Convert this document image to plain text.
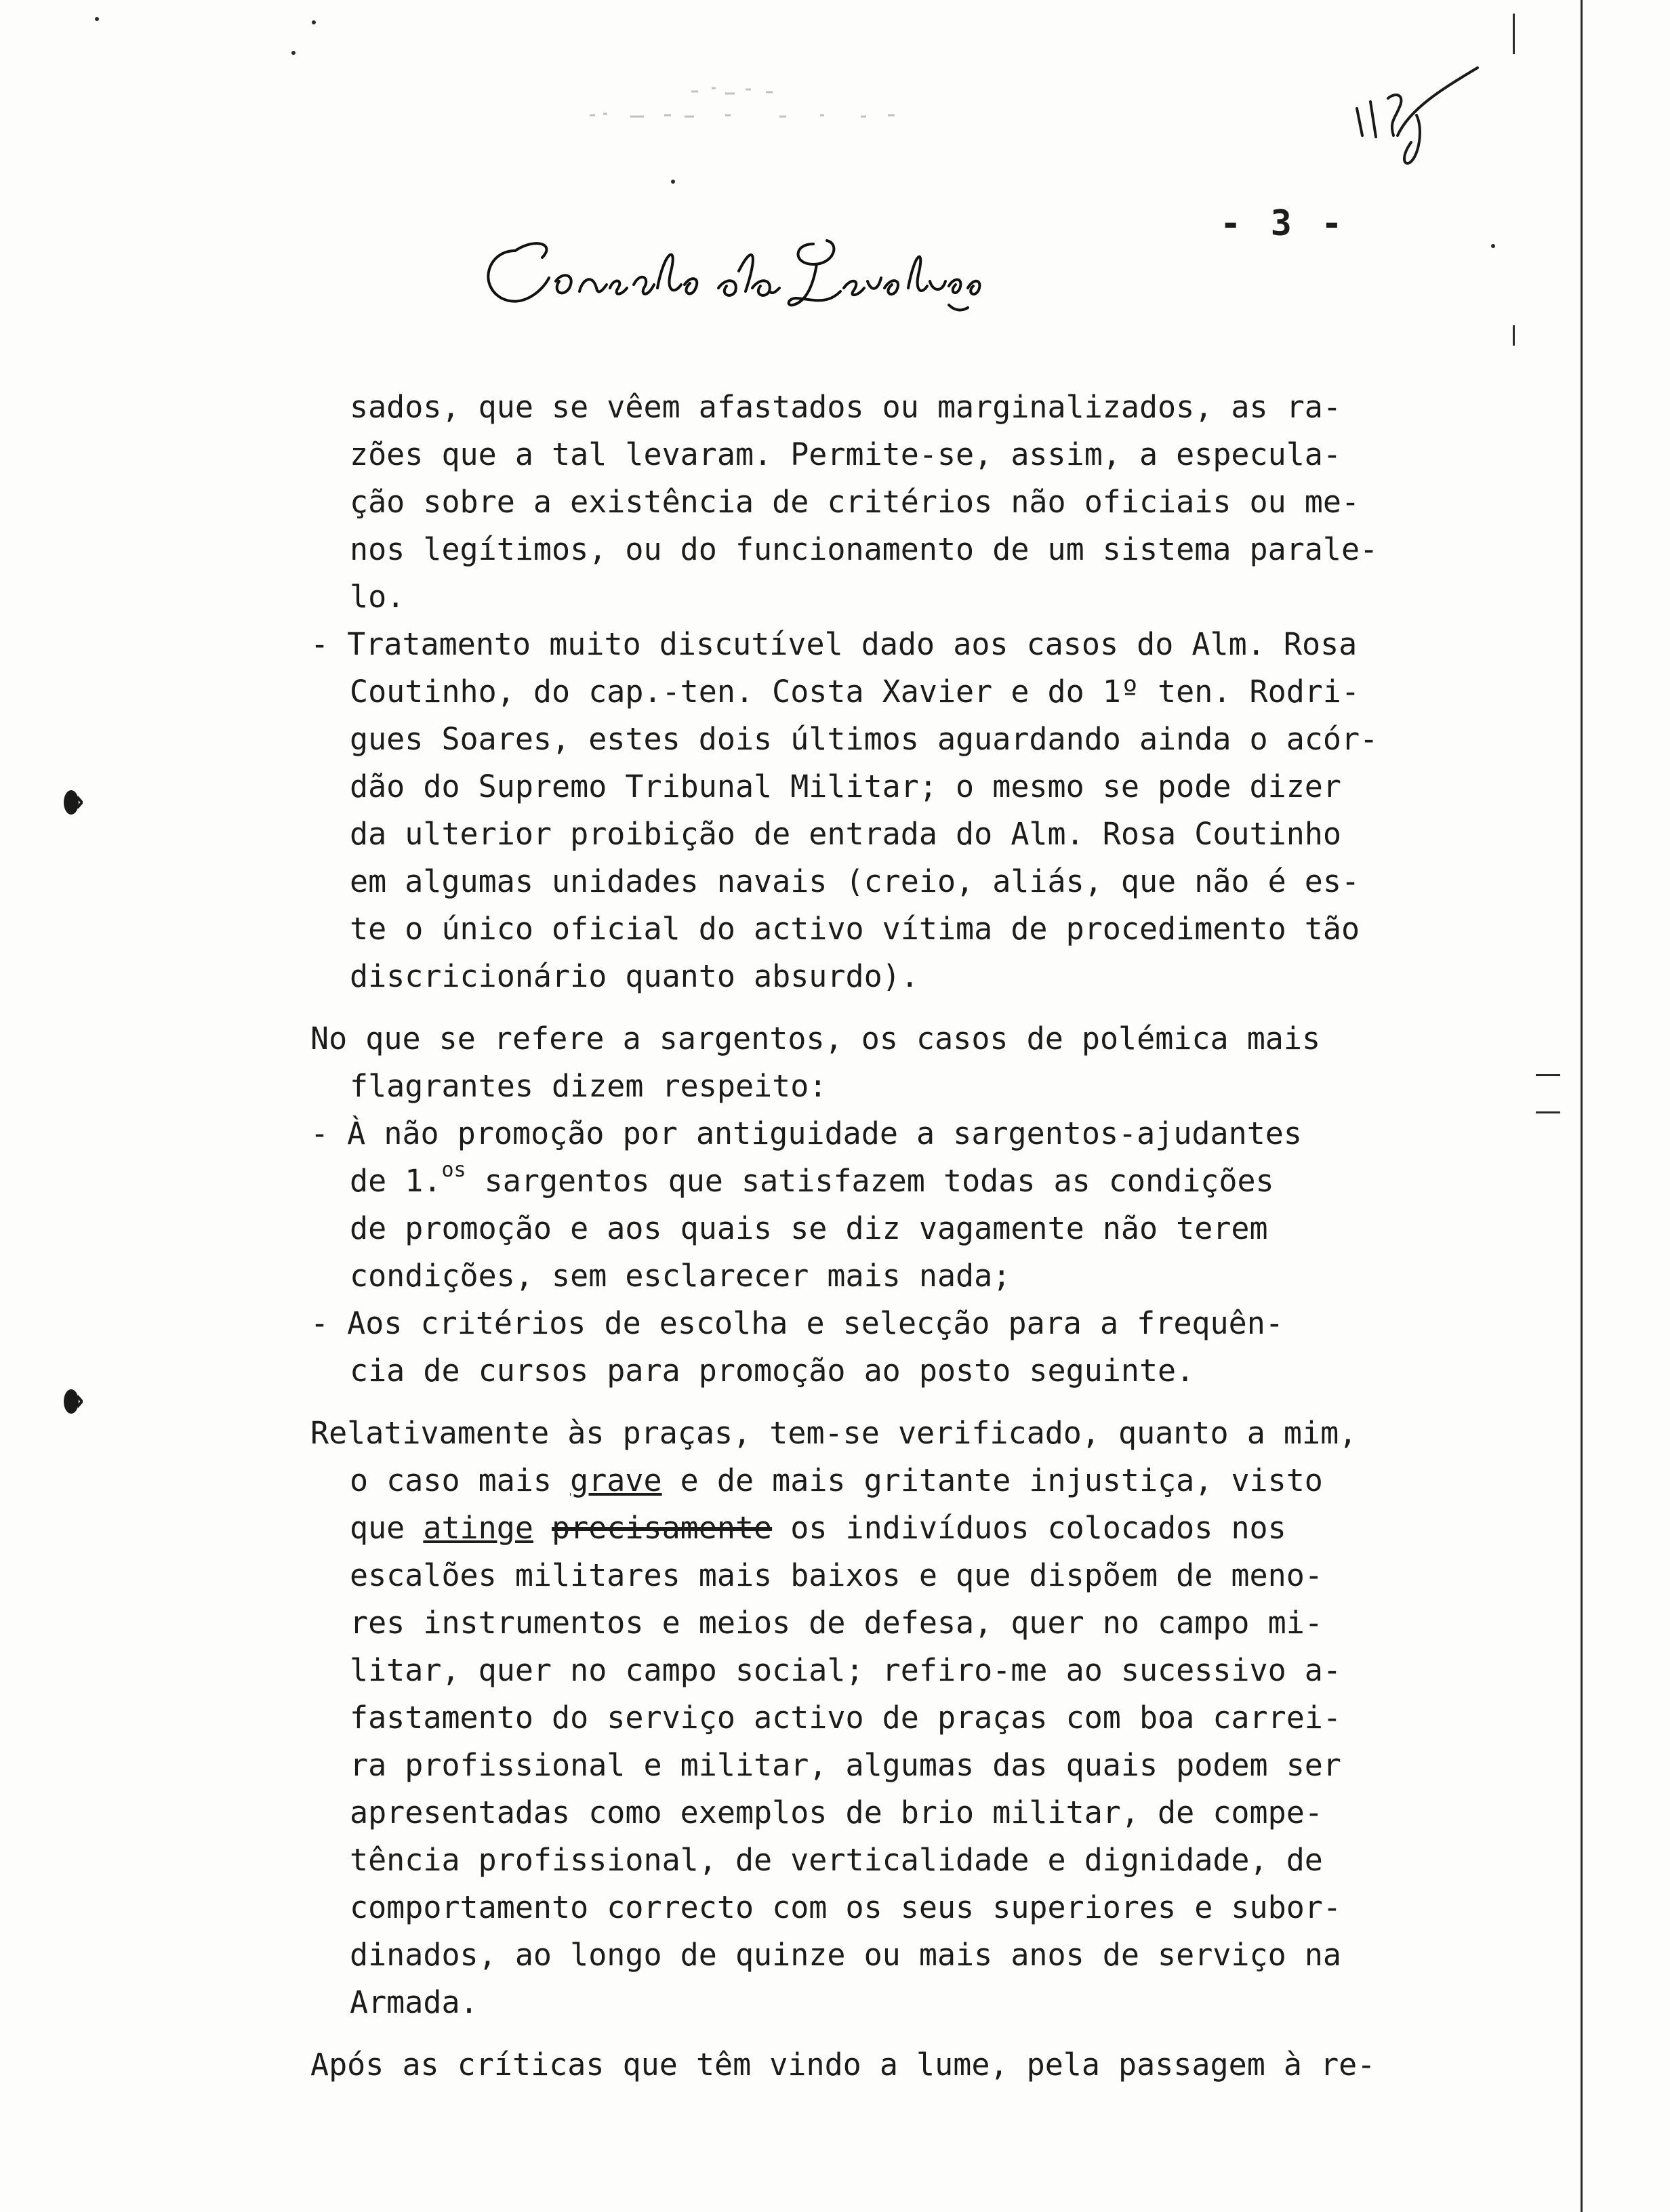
- 3 -
sados, que se vêem afastados ou marginalizados, as ra-
zões que a tal levaram. Permite-se, assim, a especula-
ção sobre a existência de critérios não oficiais ou me-
nos legítimos, ou do funcionamento de um sistema parale-
lo.
- Tratamento muito discutível dado aos casos do Alm. Rosa
Coutinho, do cap.-ten. Costa Xavier e do 1º ten. Rodri-
gues Soares, estes dois últimos aguardando ainda o acór-
dão do Supremo Tribunal Militar; o mesmo se pode dizer
da ulterior proibição de entrada do Alm. Rosa Coutinho
em algumas unidades navais (creio, aliás, que não é es-
te o único oficial do activo vítima de procedimento tão
discricionário quanto absurdo).
No que se refere a sargentos, os casos de polémica mais
flagrantes dizem respeito:
- À não promoção por antiguidade a sargentos-ajudantes
de 1.$^{os}$ sargentos que satisfazem todas as condições
de promoção e aos quais se diz vagamente não terem
condições, sem esclarecer mais nada;
- Aos critérios de escolha e selecção para a frequên-
cia de cursos para promoção ao posto seguinte.
Relativamente às praças, tem-se verificado, quanto a mim,
o caso mais grave e de mais gritante injustiça, visto
que atinge precisamente os indivíduos colocados nos
escalões militares mais baixos e que dispõem de meno-
res instrumentos e meios de defesa, quer no campo mi-
litar, quer no campo social; refiro-me ao sucessivo a-
fastamento do serviço activo de praças com boa carrei-
ra profissional e militar, algumas das quais podem ser
apresentadas como exemplos de brio militar, de compe-
tência profissional, de verticalidade e dignidade, de
comportamento correcto com os seus superiores e subor-
dinados, ao longo de quinze ou mais anos de serviço na
Armada.
Após as críticas que têm vindo a lume, pela passagem à re-
